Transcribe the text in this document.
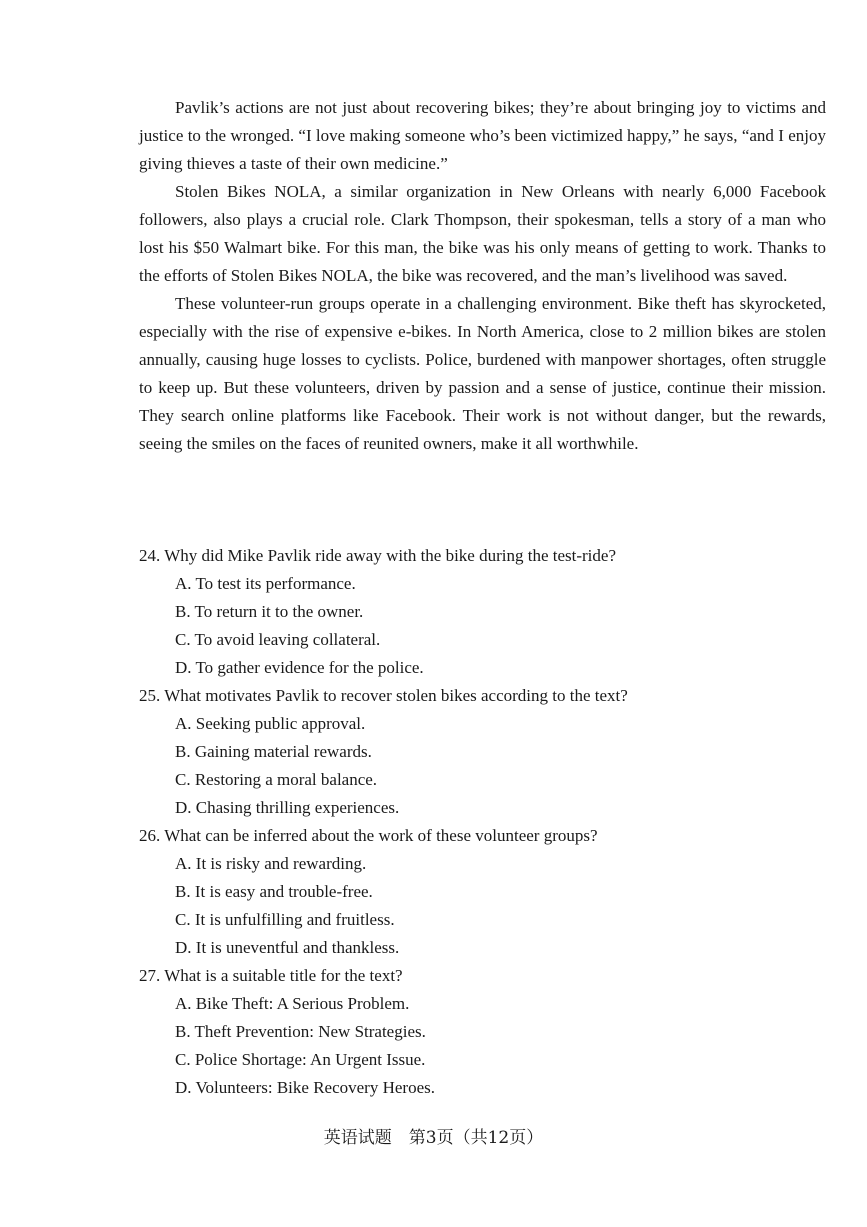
Pavlik’s actions are not just about recovering bikes; they’re about bringing joy to victims and justice to the wronged. “I love making someone who’s been victimized happy,” he says, “and I enjoy giving thieves a taste of their own medicine.”

Stolen Bikes NOLA, a similar organization in New Orleans with nearly 6,000 Facebook followers, also plays a crucial role. Clark Thompson, their spokesman, tells a story of a man who lost his $50 Walmart bike. For this man, the bike was his only means of getting to work. Thanks to the efforts of Stolen Bikes NOLA, the bike was recovered, and the man’s livelihood was saved.

These volunteer-run groups operate in a challenging environment. Bike theft has skyrocketed, especially with the rise of expensive e-bikes. In North America, close to 2 million bikes are stolen annually, causing huge losses to cyclists. Police, burdened with manpower shortages, often struggle to keep up. But these volunteers, driven by passion and a sense of justice, continue their mission. They search online platforms like Facebook. Their work is not without danger, but the rewards, seeing the smiles on the faces of reunited owners, make it all worthwhile.

24. Why did Mike Pavlik ride away with the bike during the test-ride?
A. To test its performance.
B. To return it to the owner.
C. To avoid leaving collateral.
D. To gather evidence for the police.
25. What motivates Pavlik to recover stolen bikes according to the text?
A. Seeking public approval.
B. Gaining material rewards.
C. Restoring a moral balance.
D. Chasing thrilling experiences.
26. What can be inferred about the work of these volunteer groups?
A. It is risky and rewarding.
B. It is easy and trouble-free.
C. It is unfulfilling and fruitless.
D. It is uneventful and thankless.
27. What is a suitable title for the text?
A. Bike Theft: A Serious Problem.
B. Theft Prevention: New Strategies.
C. Police Shortage: An Urgent Issue.
D. Volunteers: Bike Recovery Heroes.
英语试题　第3页（共12页）
